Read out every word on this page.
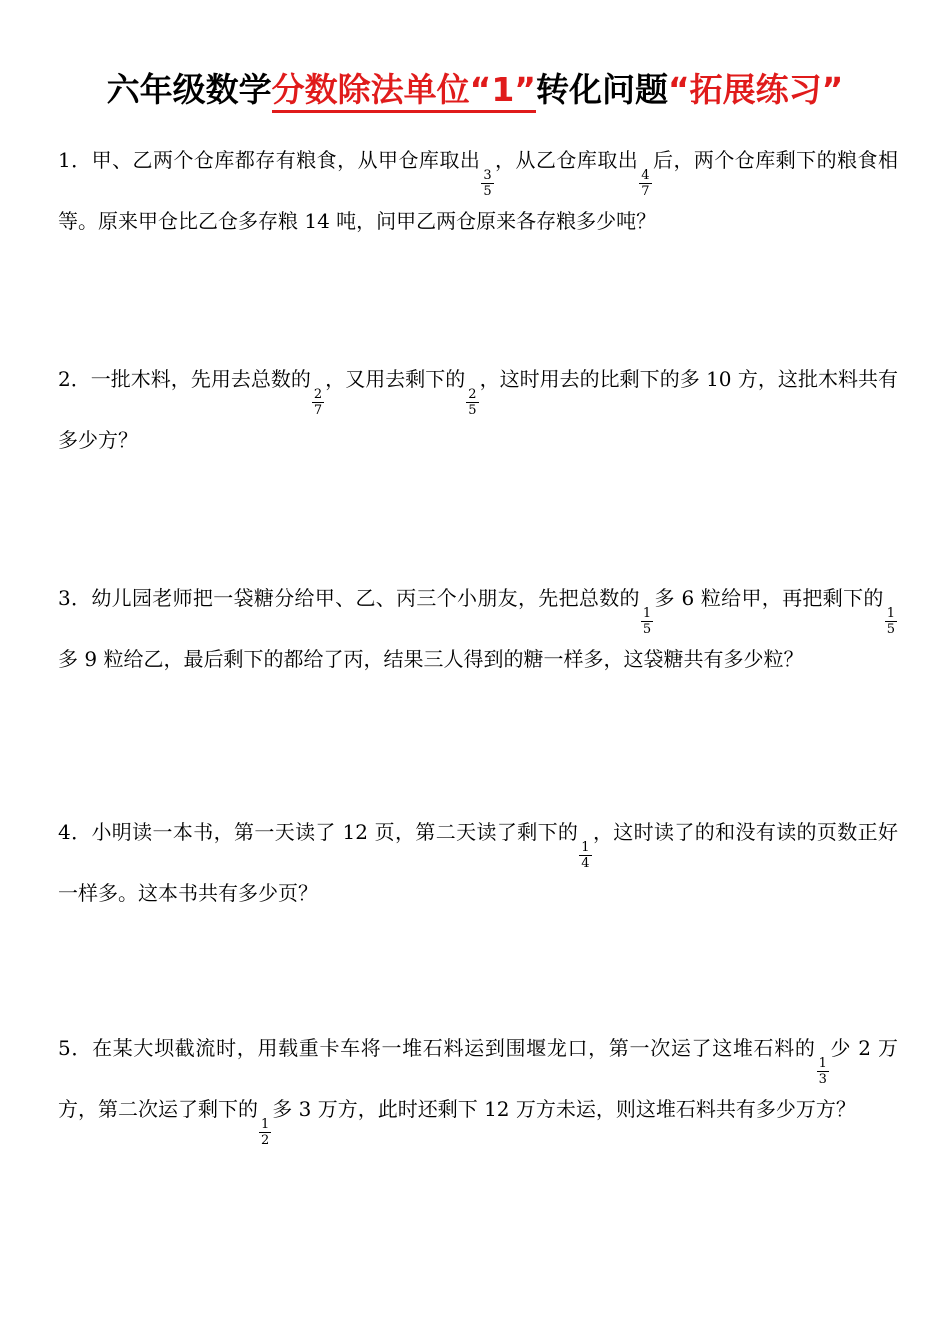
六年级数学分数除法单位“1”转化问题“拓展练习”
1．甲、乙两个仓库都存有粮食，从甲仓库取出
$\frac{3}{5}$
，从乙仓库取出
$\frac{4}{7}$
后，两个仓库剩下的粮食相等。原来甲仓比乙仓多存粮 14 吨，问甲乙两仓原来各存粮多少吨？
2．一批木料，先用去总数的
$\frac{2}{7}$
，又用去剩下的
$\frac{2}{5}$
，这时用去的比剩下的多 10 方，这批木料共有多少方？
3．幼儿园老师把一袋糖分给甲、乙、丙三个小朋友，先把总数的
$\frac{1}{5}$
多 6 粒给甲，再把剩下的
$\frac{1}{5}$
多 9 粒给乙，最后剩下的都给了丙，结果三人得到的糖一样多，这袋糖共有多少粒？
4．小明读一本书，第一天读了 12 页，第二天读了剩下的
$\frac{1}{4}$
，这时读了的和没有读的页数正好一样多。这本书共有多少页？
5．在某大坝截流时，用载重卡车将一堆石料运到围堰龙口，第一次运了这堆石料的
$\frac{1}{3}$
少 2 万方，第二次运了剩下的
$\frac{1}{2}$
多 3 万方，此时还剩下 12 万方未运，则这堆石料共有多少万方？
